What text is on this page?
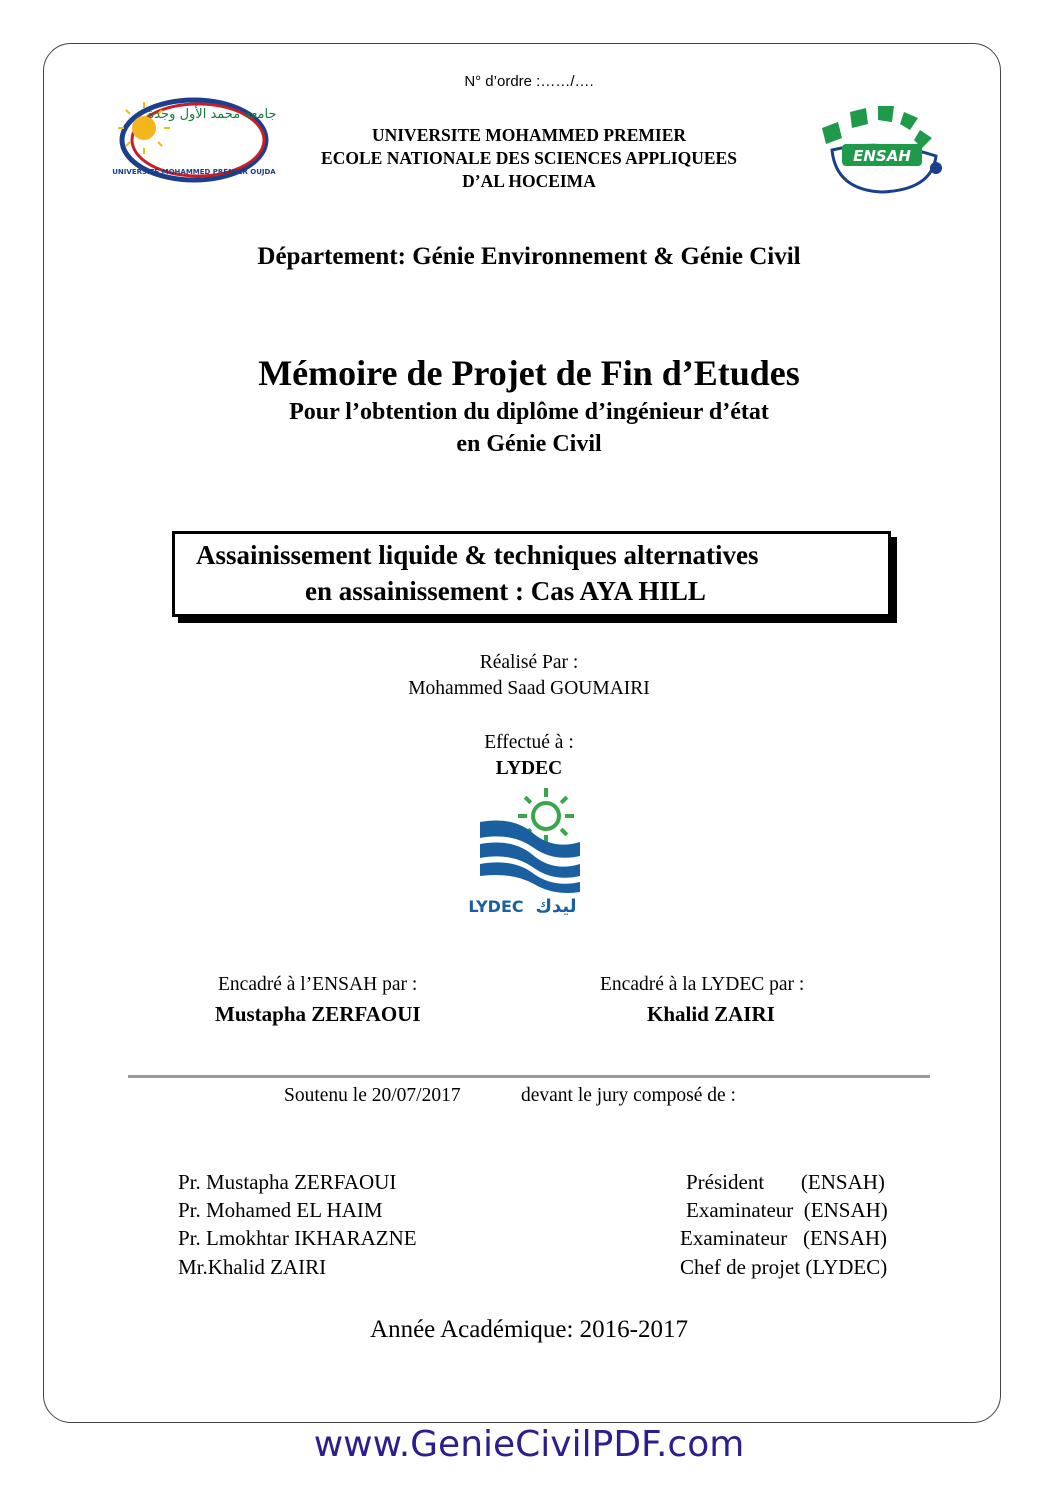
N° d’ordre :……/….
جامعة محمد الأول وجدة
UNIVERSITE MOHAMMED PREMIER OUJDA
UNIVERSITE MOHAMMED PREMIER
ECOLE NATIONALE DES SCIENCES APPLIQUEES
D’AL HOCEIMA
ENSAH
Département: Génie Environnement & Génie Civil
Mémoire de Projet de Fin d’Etudes
Pour l’obtention du diplôme d’ingénieur d’état
en Génie Civil
Assainissement liquide & techniques alternatives
en assainissement : Cas AYA HILL
Réalisé Par :
Mohammed Saad GOUMAIRI
Effectué à :
LYDEC
LYDEC ليدك
Encadré à l’ENSAH par :
Mustapha ZERFAOUI
Encadré à la LYDEC par :
Khalid ZAIRI
Soutenu le 20/07/2017	devant le jury composé de :
Pr. Mustapha ZERFAOUI	Président       (ENSAH)
Pr. Mohamed EL HAIM	Examinateur  (ENSAH)
Pr. Lmokhtar IKHARAZNE	Examinateur   (ENSAH)
Mr.Khalid ZAIRI	Chef de projet (LYDEC)
Année Académique: 2016-2017
www.GenieCivilPDF.com
